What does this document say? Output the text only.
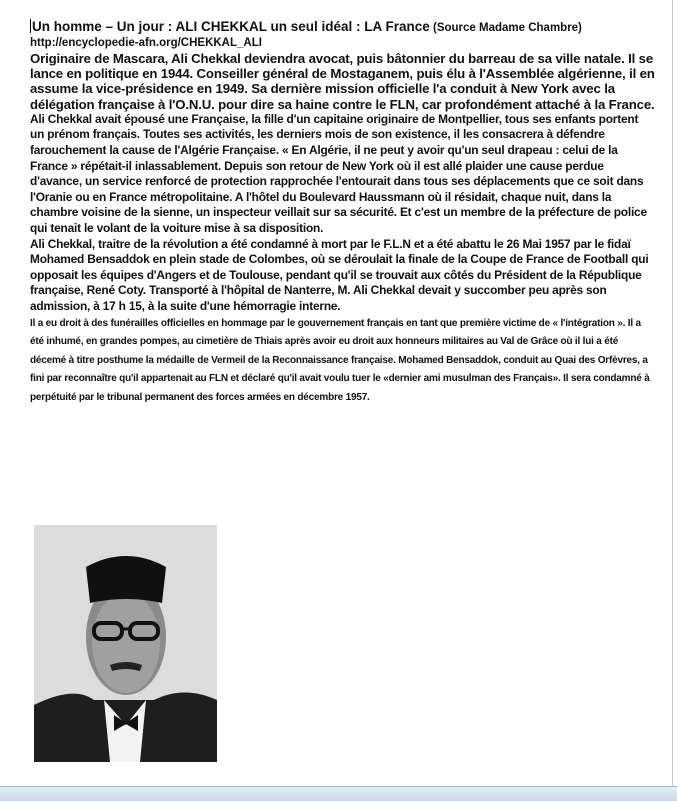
Un homme – Un jour : ALI CHEKKAL un seul idéal : LA France (Source Madame Chambre)

http://encyclopedie-afn.org/CHEKKAL_ALI

Originaire de Mascara, Ali Chekkal deviendra avocat, puis bâtonnier du barreau de sa ville natale. Il se lance en politique en 1944. Conseiller général de Mostaganem, puis élu à l'Assemblée algérienne, il en assume la vice-présidence en 1949. Sa dernière mission officielle l'a conduit à New York avec la délégation française à l'O.N.U. pour dire sa haine contre le FLN, car profondément attaché à la France.

Ali Chekkal avait épousé une Française, la fille d'un capitaine originaire de Montpellier, tous ses enfants portent un prénom français. Toutes ses activités, les derniers mois de son existence, il les consacrera à défendre farouchement la cause de l'Algérie Française. « En Algérie, il ne peut y avoir qu'un seul drapeau : celui de la France » répétait-il inlassablement. Depuis son retour de New York où il est allé plaider une cause perdue d'avance, un service renforcé de protection rapprochée l'entourait dans tous ses déplacements que ce soit dans l'Oranie ou en France métropolitaine. A l'hôtel du Boulevard Haussmann où il résidait, chaque nuit, dans la chambre voisine de la sienne, un inspecteur veillait sur sa sécurité. Et c'est un membre de la préfecture de police qui tenait le volant de la voiture mise à sa disposition.

Ali Chekkal, traitre de la révolution a été condamné à mort par le F.L.N et a été abattu le 26 Mai 1957 par le fidaï Mohamed Bensaddok en plein stade de Colombes, où se déroulait la finale de la Coupe de France de Football qui opposait les équipes d'Angers et de Toulouse, pendant qu'il se trouvait aux côtés du Président de la République française, René Coty. Transporté à l'hôpital de Nanterre, M. Ali Chekkal devait y succomber peu après son admission, à 17 h 15, à la suite d'une hémorragie interne.

Il a eu droit à des funérailles officielles en hommage par le gouvernement français en tant que première victime de « l'intégration ». Il a été inhumé, en grandes pompes, au cimetière de Thiais après avoir eu droit aux honneurs militaires au Val de Grâce où il lui a été décemé à titre posthume la médaille de Vermeil de la Reconnaissance française. Mohamed Bensaddok, conduit au Quai des Orfèvres, a fini par reconnaître qu'il appartenait au FLN et déclaré qu'il avait voulu tuer le «dernier ami musulman des Français». Il sera condamné à perpétuité par le tribunal permanent des forces armées en décembre 1957.
